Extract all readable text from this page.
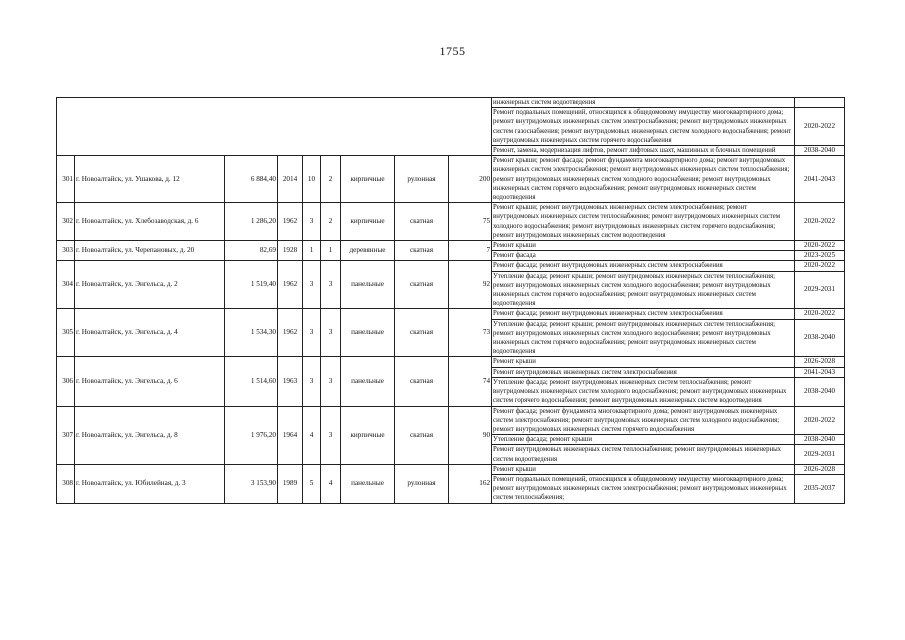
1755
									инженерных систем водоотведения	
									Ремонт подвальных помещений, относящихся к общедомовому имуществу многоквартирного дома; ремонт внутридомовых инженерных систем электроснабжения; ремонт внутридомовых инженерных систем газоснабжения; ремонт внутридомовых инженерных систем холодного водоснабжения; ремонт внутридомовых инженерных систем горячего водоснабжения	2020-2022
									Ремонт, замена, модернизация лифтов, ремонт лифтовых шахт, машинных и блочных помещений	2038-2040
301	г. Новоалтайск, ул. Ушакова, д. 12	6 884,40	2014	10	2	кирпичные	рулонная	200	Ремонт крыши; ремонт фасада; ремонт фундамента многоквартирного дома; ремонт внутридомовых инженерных систем электроснабжения; ремонт внутридомовых инженерных систем теплоснабжения; ремонт внутридомовых инженерных систем холодного водоснабжения; ремонт внутридомовых инженерных систем горячего водоснабжения; ремонт внутридомовых инженерных систем водоотведения	2041-2043
302	г. Новоалтайск, ул. Хлебозаводская, д. 6	1 286,20	1962	3	2	кирпичные	скатная	75	Ремонт крыши; ремонт внутридомовых инженерных систем электроснабжения; ремонт внутридомовых инженерных систем теплоснабжения; ремонт внутридомовых инженерных систем холодного водоснабжения; ремонт внутридомовых инженерных систем горячего водоснабжения; ремонт внутридомовых инженерных систем водоотведения	2020-2022
303	г. Новоалтайск, ул. Черепановых, д. 20	82,69	1928	1	1	деревянные	скатная	7	Ремонт крыши	2020-2022
									Ремонт фасада	2023-2025
304	г. Новоалтайск, ул. Энгельса, д. 2	1 519,40	1962	3	3	панельные	скатная	92	Ремонт фасада; ремонт внутридомовых инженерных систем электроснабжения	2020-2022
									Утепление фасада; ремонт крыши; ремонт внутридомовых инженерных систем теплоснабжения; ремонт внутридомовых инженерных систем холодного водоснабжения; ремонт внутридомовых инженерных систем горячего водоснабжения; ремонт внутридомовых инженерных систем водоотведения	2029-2031
305	г. Новоалтайск, ул. Энгельса, д. 4	1 534,30	1962	3	3	панельные	скатная	73	Ремонт фасада; ремонт внутридомовых инженерных систем электроснабжения	2020-2022
									Утепление фасада; ремонт крыши; ремонт внутридомовых инженерных систем теплоснабжения; ремонт внутридомовых инженерных систем холодного водоснабжения; ремонт внутридомовых инженерных систем горячего водоснабжения; ремонт внутридомовых инженерных систем водоотведения	2038-2040
306	г. Новоалтайск, ул. Энгельса, д. 6	1 514,60	1963	3	3	панельные	скатная	74	Ремонт крыши	2026-2028
									Ремонт внутридомовых инженерных систем электроснабжения	2041-2043
									Утепление фасада; ремонт внутридомовых инженерных систем теплоснабжения; ремонт внутридомовых инженерных систем холодного водоснабжения; ремонт внутридомовых инженерных систем горячего водоснабжения; ремонт внутридомовых инженерных систем водоотведения	2038-2040
307	г. Новоалтайск, ул. Энгельса, д. 8	1 976,20	1964	4	3	кирпичные	скатная	90	Ремонт фасада; ремонт фундамента многоквартирного дома; ремонт внутридомовых инженерных систем электроснабжения; ремонт внутридомовых инженерных систем холодного водоснабжения; ремонт внутридомовых инженерных систем горячего водоснабжения	2020-2022
									Утепление фасада; ремонт крыши	2038-2040
									Ремонт внутридомовых инженерных систем теплоснабжения; ремонт внутридомовых инженерных систем водоотведения	2029-2031
308	г. Новоалтайск, ул. Юбилейная, д. 3	3 153,90	1989	5	4	панельные	рулонная	162	Ремонт крыши	2026-2028
									Ремонт подвальных помещений, относящихся к общедомовому имуществу многоквартирного дома; ремонт внутридомовых инженерных систем электроснабжения; ремонт внутридомовых инженерных систем теплоснабжения;	2035-2037
